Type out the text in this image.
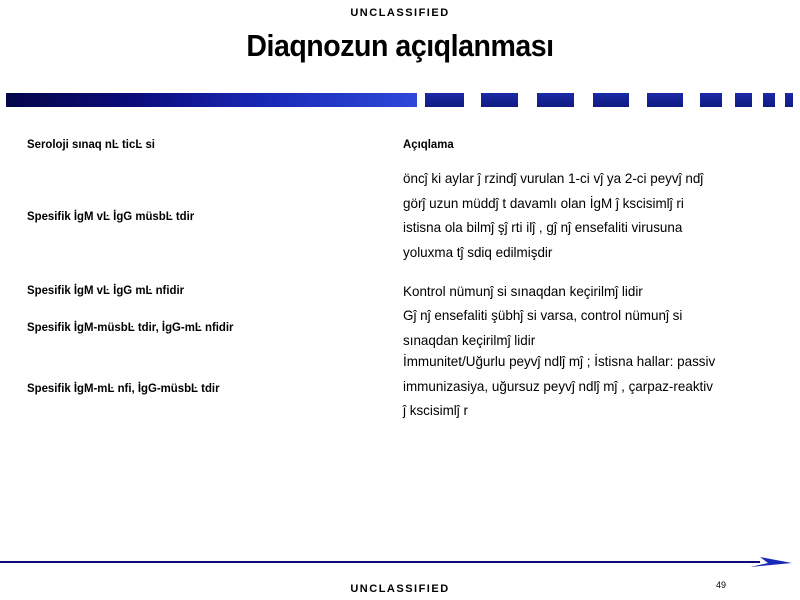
UNCLASSIFIED
Diaqnozun açıqlanması
Seroloji sınaq nĿ ticĿ si	Açıqlama
Spesifik İgM vĿ İgG müsbĿ tdir
öncĵ ki aylar ĵ rzindĵ vurulan 1-ci vĵ ya 2-ci peyvĵ ndĵ
görĵ uzun müddĵ t davamlı olan İgM ĵ kscisimlĵ ri
istisna ola bilmĵ şĵ rti ilĵ , gĵ nĵ ensefaliti virusuna
yoluxma tĵ sdiq edilmişdir
Spesifik İgM vĿ İgG mĿ nfidir	Kontrol nümunĵ si sınaqdan keçirilmĵ lidir
Spesifik İgM-müsbĿ tdir, İgG-mĿ nfidir
Gĵ nĵ ensefaliti şübhĵ si varsa, control nümunĵ si
sınaqdan keçirilmĵ lidir
Spesifik İgM-mĿ nfi, İgG-müsbĿ tdir
İmmunitet/Uğurlu peyvĵ ndlĵ mĵ ; İstisna hallar: passiv
immunizasiya, uğursuz peyvĵ ndlĵ mĵ , çarpaz-reaktiv
ĵ kscisimlĵ r
49
UNCLASSIFIED
